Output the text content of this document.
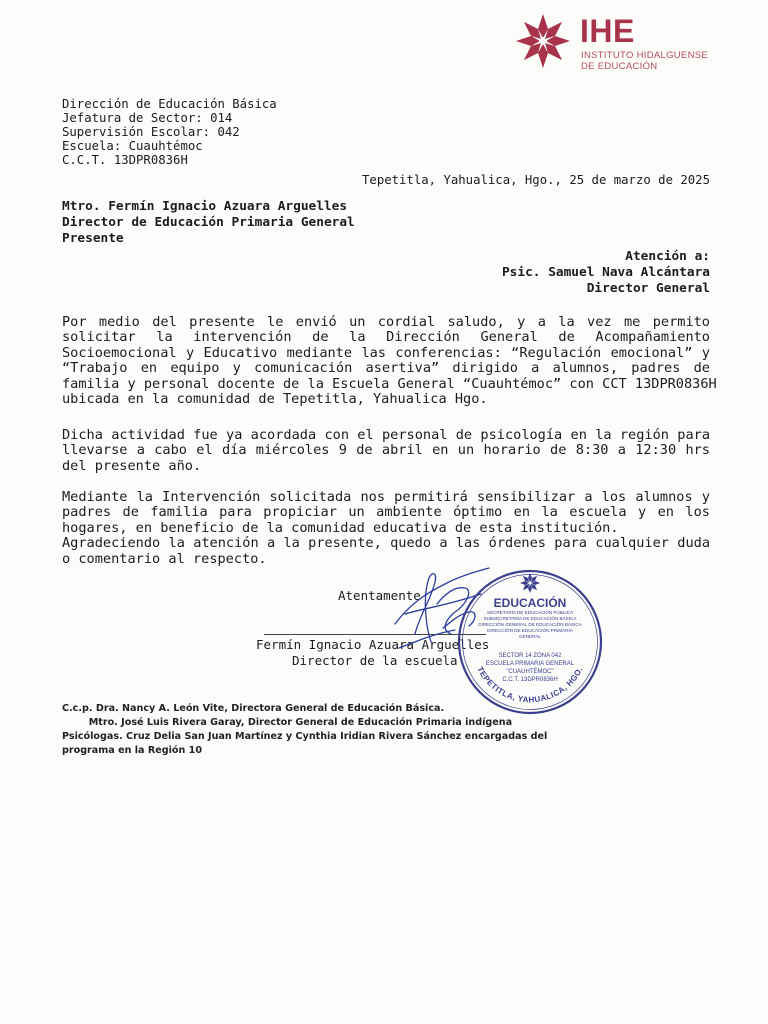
IHE
INSTITUTO HIDALGUENSE
DE EDUCACIÓN
Dirección de Educación Básica
Jefatura de Sector: 014
Supervisión Escolar: 042
Escuela: Cuauhtémoc
C.C.T. 13DPR0836H
Tepetitla, Yahualica, Hgo., 25 de marzo de 2025
Mtro. Fermín Ignacio Azuara Arguelles
Director de Educación Primaria General
Presente
Atención a:
Psic. Samuel Nava Alcántara
Director General
Por medio del presente le envió un cordial saludo, y a la vez me permito
solicitar la intervención de la Dirección General de Acompañamiento
Socioemocional y Educativo mediante las conferencias: “Regulación emocional” y
“Trabajo en equipo y comunicación asertiva” dirigido a alumnos, padres de
familia y personal docente de la Escuela General “Cuauhtémoc” con CCT 13DPR0836H
ubicada en la comunidad de Tepetitla, Yahualica Hgo.
Dicha actividad fue ya acordada con el personal de psicología en la región para
llevarse a cabo el día miércoles 9 de abril en un horario de 8:30 a 12:30 hrs
del presente año.
Mediante la Intervención solicitada nos permitirá sensibilizar a los alumnos y
padres de familia para propiciar un ambiente óptimo en la escuela y en los
hogares, en beneficio de la comunidad educativa de esta institución.
Agradeciendo la atención a la presente, quedo a las órdenes para cualquier duda
o comentario al respecto.
Atentamente
Fermín Ignacio Azuara Arguelles
Director de la escuela
EDUCACIÓN
SECRETARÍA DE EDUCACIÓN PÚBLICA
SUBSECRETARÍA DE EDUCACIÓN BÁSICA
DIRECCIÓN GENERAL DE EDUCACIÓN BÁSICA
DIRECCIÓN DE EDUCACIÓN PRIMARIA
GENERAL
SECTOR 14 ZONA 042
ESCUELA PRIMARIA GENERAL
"CUAUHTÉMOC"
C.C.T. 13DPR0836H
TEPETITLA, YAHUALICA, HGO.
C.c.p. Dra. Nancy A. León Vite, Directora General de Educación Básica.
Mtro. José Luis Rivera Garay, Director General de Educación Primaria indígena
Psicólogas. Cruz Delia San Juan Martínez y Cynthia Iridian Rivera Sánchez encargadas del
programa en la Región 10
